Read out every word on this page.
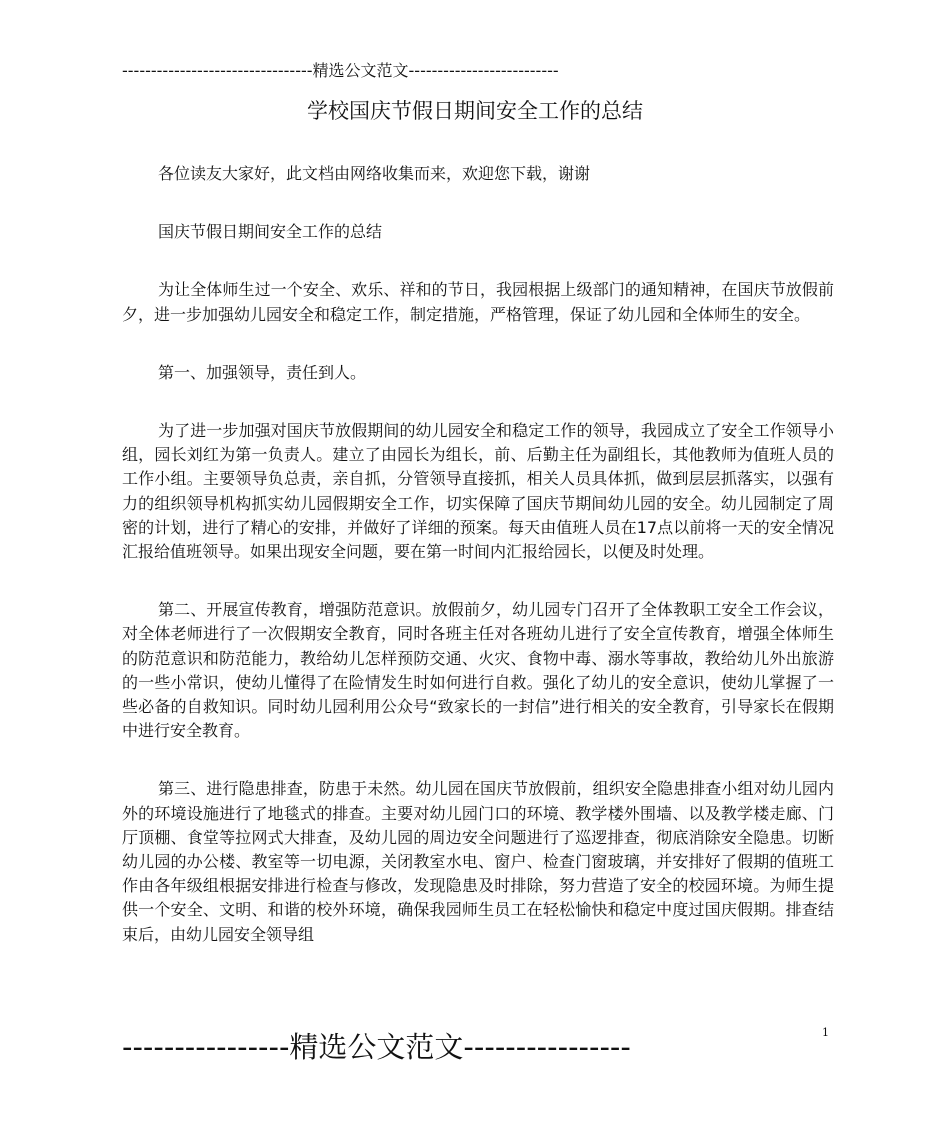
---------------------------------精选公文范文--------------------------
学校国庆节假日期间安全工作的总结

各位读友大家好，此文档由网络收集而来，欢迎您下载，谢谢

国庆节假日期间安全工作的总结

为让全体师生过一个安全、欢乐、祥和的节日，我园根据上级部门的通知精神，在国庆节放假前夕，进一步加强幼儿园安全和稳定工作，制定措施，严格管理，保证了幼儿园和全体师生的安全。

第一、加强领导，责任到人。

为了进一步加强对国庆节放假期间的幼儿园安全和稳定工作的领导，我园成立了安全工作领导小组，园长刘红为第一负责人。建立了由园长为组长，前、后勤主任为副组长，其他教师为值班人员的工作小组。主要领导负总责，亲自抓，分管领导直接抓，相关人员具体抓，做到层层抓落实，以强有力的组织领导机构抓实幼儿园假期安全工作，切实保障了国庆节期间幼儿园的安全。幼儿园制定了周密的计划，进行了精心的安排，并做好了详细的预案。每天由值班人员在17点以前将一天的安全情况汇报给值班领导。如果出现安全问题，要在第一时间内汇报给园长，以便及时处理。

第二、开展宣传教育，增强防范意识。放假前夕，幼儿园专门召开了全体教职工安全工作会议，对全体老师进行了一次假期安全教育，同时各班主任对各班幼儿进行了安全宣传教育，增强全体师生的防范意识和防范能力，教给幼儿怎样预防交通、火灾、食物中毒、溺水等事故，教给幼儿外出旅游的一些小常识，使幼儿懂得了在险情发生时如何进行自救。强化了幼儿的安全意识，使幼儿掌握了一些必备的自救知识。同时幼儿园利用公众号“致家长的一封信”进行相关的安全教育，引导家长在假期中进行安全教育。

第三、进行隐患排查，防患于未然。幼儿园在国庆节放假前，组织安全隐患排查小组对幼儿园内外的环境设施进行了地毯式的排查。主要对幼儿园门口的环境、教学楼外围墙、以及教学楼走廊、门厅顶棚、食堂等拉网式大排查，及幼儿园的周边安全问题进行了巡逻排查，彻底消除安全隐患。切断幼儿园的办公楼、教室等一切电源，关闭教室水电、窗户、检查门窗玻璃，并安排好了假期的值班工作由各年级组根据安排进行检查与修改，发现隐患及时排除，努力营造了安全的校园环境。为师生提供一个安全、文明、和谐的校外环境，确保我园师生员工在轻松愉快和稳定中度过国庆假期。排查结束后，由幼儿园安全领导组

1
----------------精选公文范文----------------
